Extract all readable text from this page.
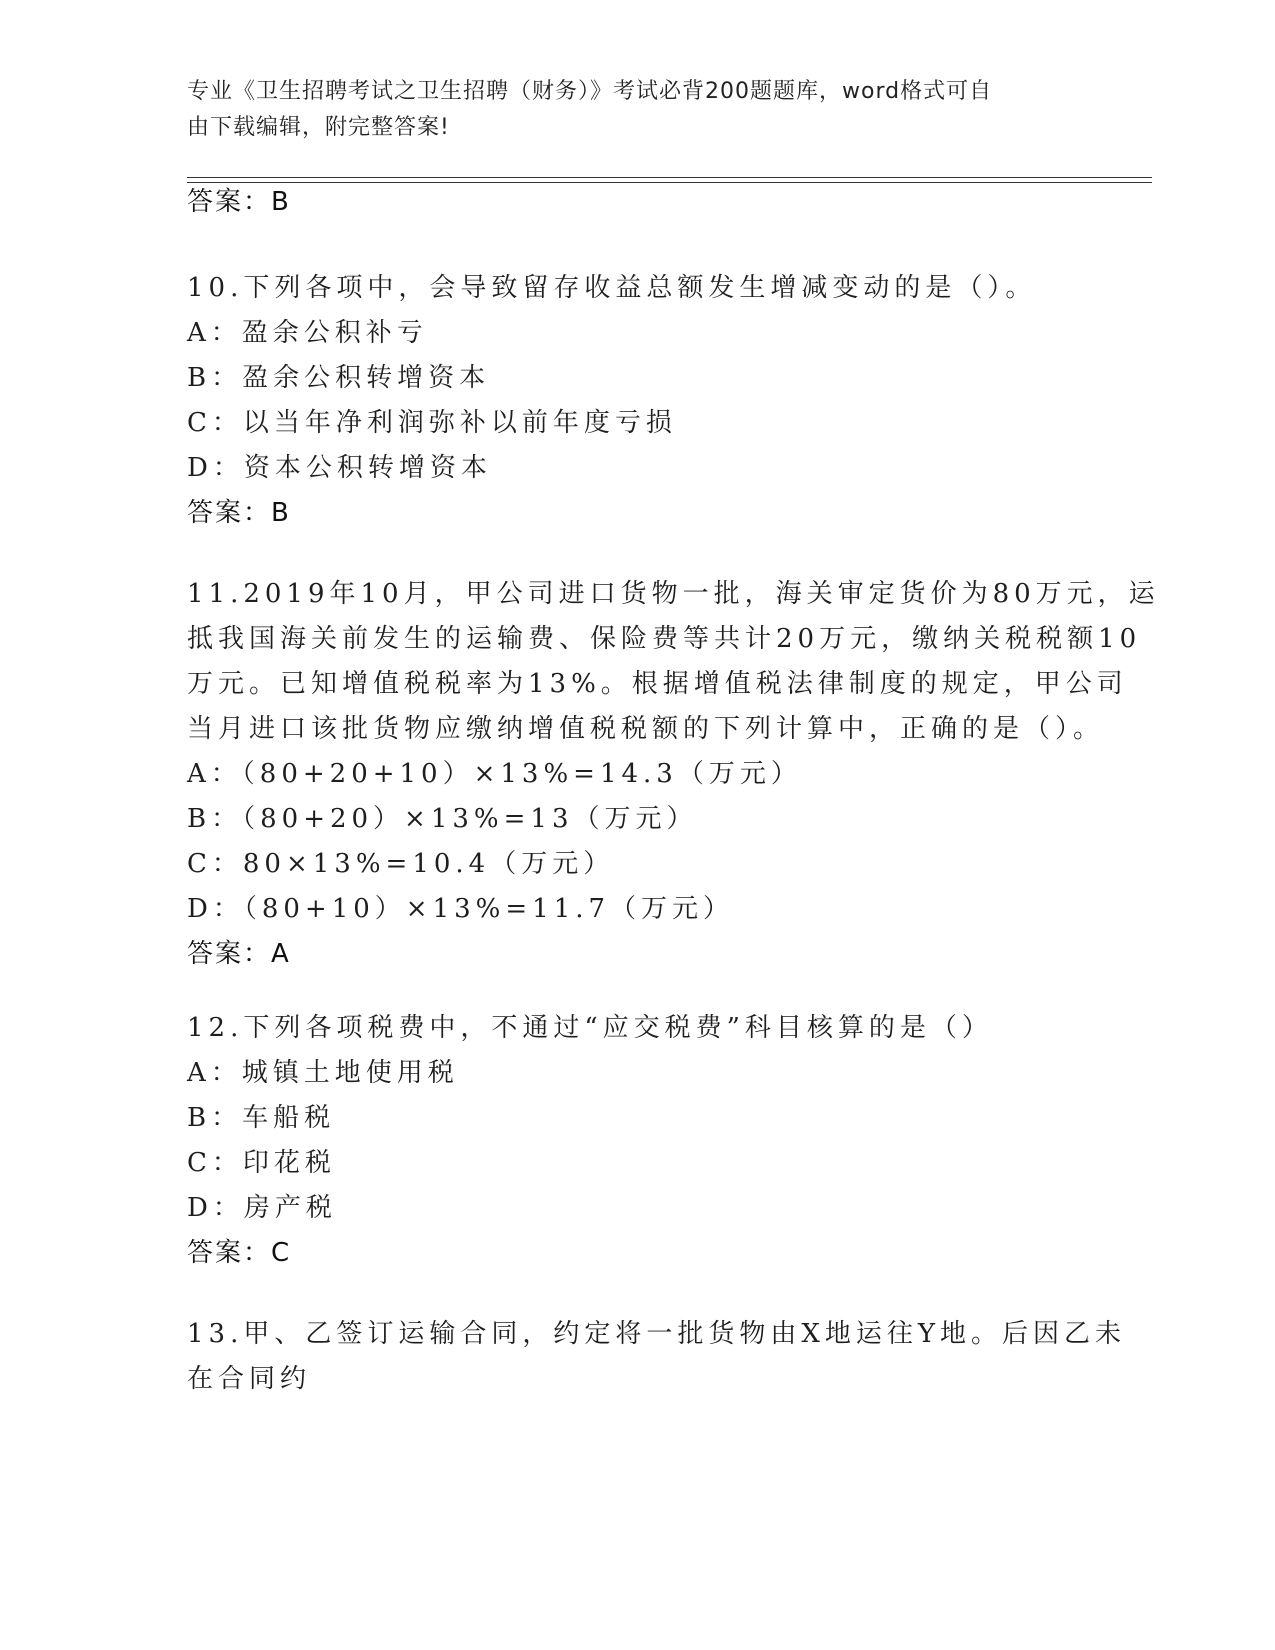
专业《卫生招聘考试之卫生招聘（财务）》考试必背200题题库，word格式可自
由下载编辑，附完整答案!
答案：B
10.下列各项中，会导致留存收益总额发生增减变动的是（）。
A：盈余公积补亏
B：盈余公积转增资本
C：以当年净利润弥补以前年度亏损
D：资本公积转增资本
答案：B
11.2019年10月，甲公司进口货物一批，海关审定货价为80万元，运
抵我国海关前发生的运输费、保险费等共计20万元，缴纳关税税额10
万元。已知增值税税率为13%。根据增值税法律制度的规定，甲公司
当月进口该批货物应缴纳增值税税额的下列计算中，正确的是（）。
A：（80+20+10）×13%=14.3（万元）
B：（80+20）×13%=13（万元）
C：80×13%=10.4（万元）
D：（80+10）×13%=11.7（万元）
答案：A
12.下列各项税费中，不通过“应交税费”科目核算的是（）
A：城镇土地使用税
B：车船税
C：印花税
D：房产税
答案：C
13.甲、乙签订运输合同，约定将一批货物由X地运往Y地。后因乙未
在合同约
